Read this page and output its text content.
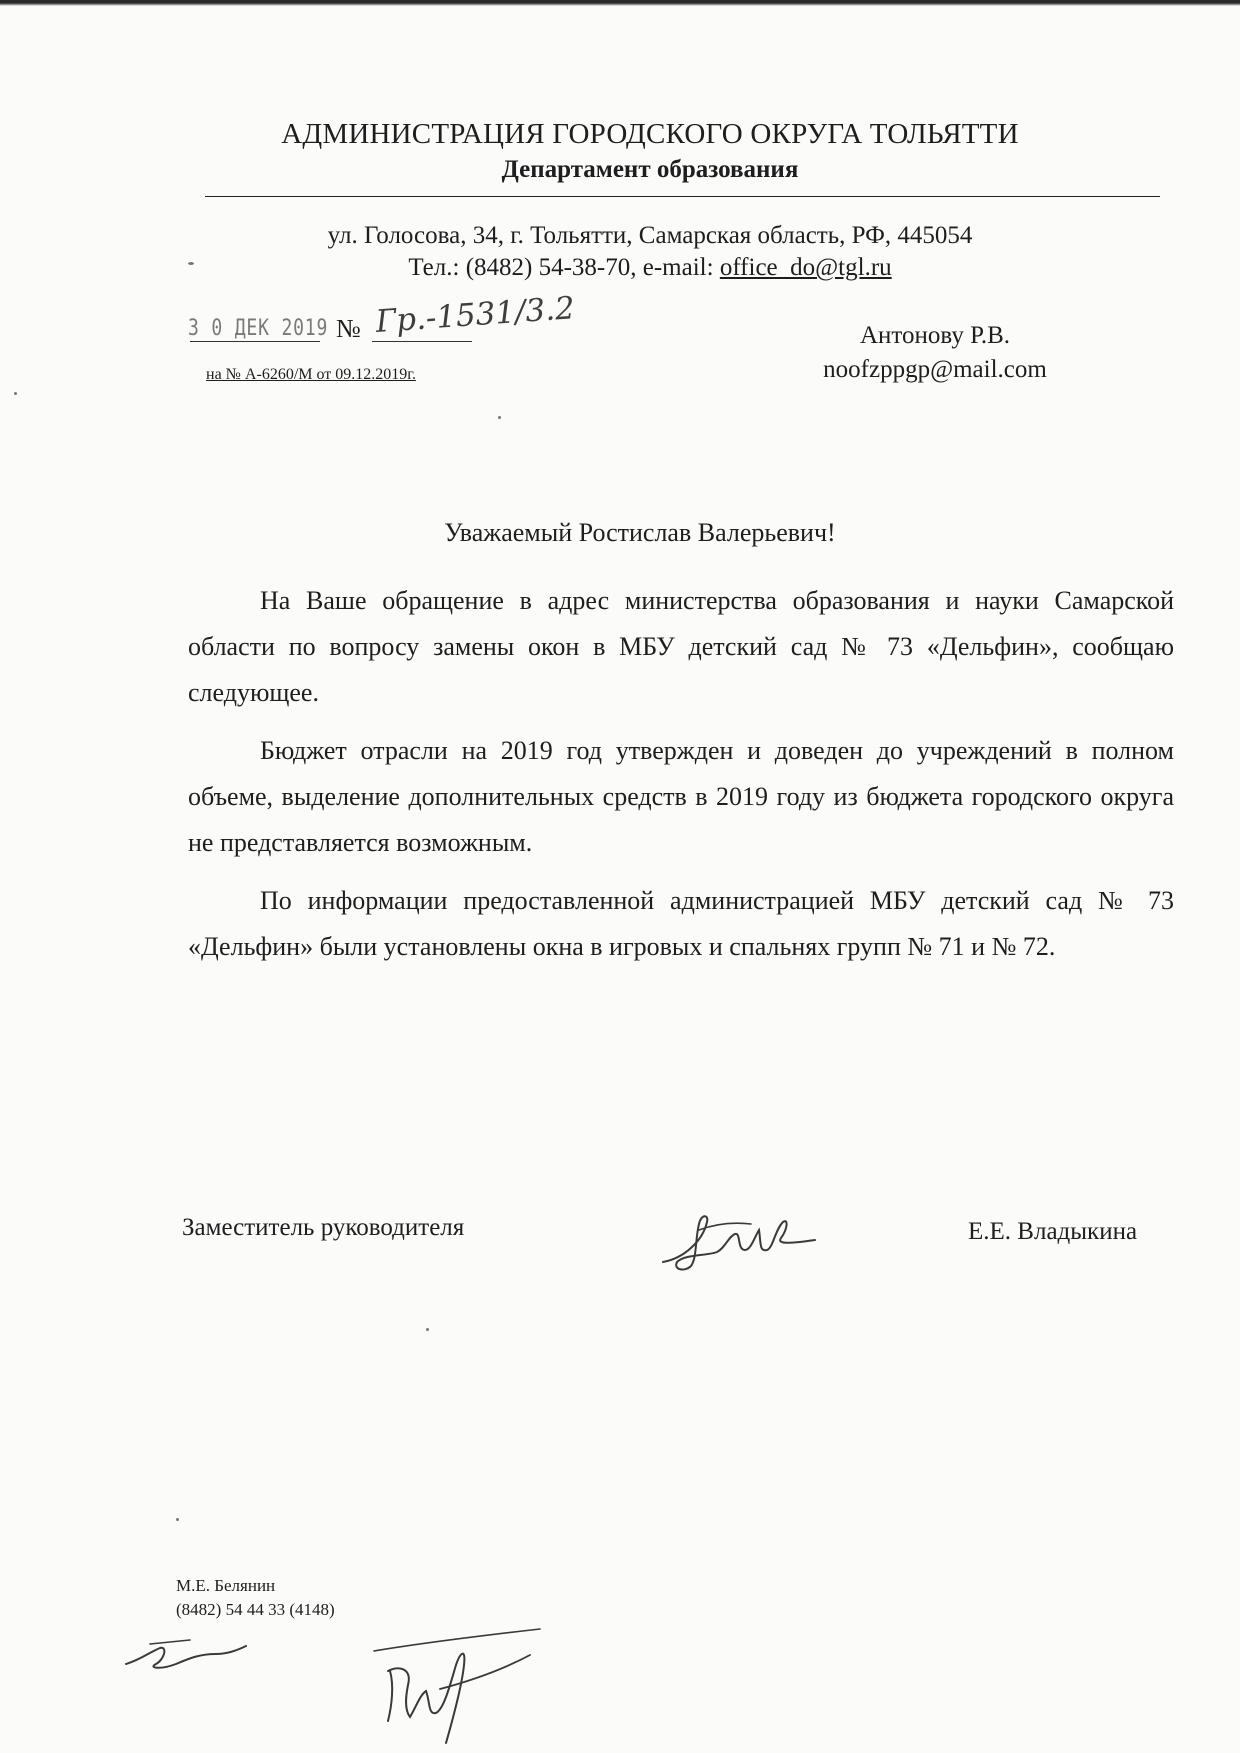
АДМИНИСТРАЦИЯ ГОРОДСКОГО ОКРУГА ТОЛЬЯТТИ
Департамент образования
ул. Голосова, 34, г. Тольятти, Самарская область, РФ, 445054
Тел.: (8482) 54-38-70, e-mail: office_do@tgl.ru
3 0 ДЕК 2019 № Гр.-1531/3.2
на № А-6260/М от 09.12.2019г.
Антонову Р.В.
noofzppgp@mail.com
Уважаемый Ростислав Валерьевич!
На Ваше обращение в адрес министерства образования и науки Самарской области по вопросу замены окон в МБУ детский сад № 73 «Дельфин», сообщаю следующее.
Бюджет отрасли на 2019 год утвержден и доведен до учреждений в полном объеме, выделение дополнительных средств в 2019 году из бюджета городского округа не представляется возможным.
По информации предоставленной администрацией МБУ детский сад № 73 «Дельфин» были установлены окна в игровых и спальнях групп № 71 и № 72.
Заместитель руководителя	Е.Е. Владыкина
М.Е. Белянин
(8482) 54 44 33 (4148)
